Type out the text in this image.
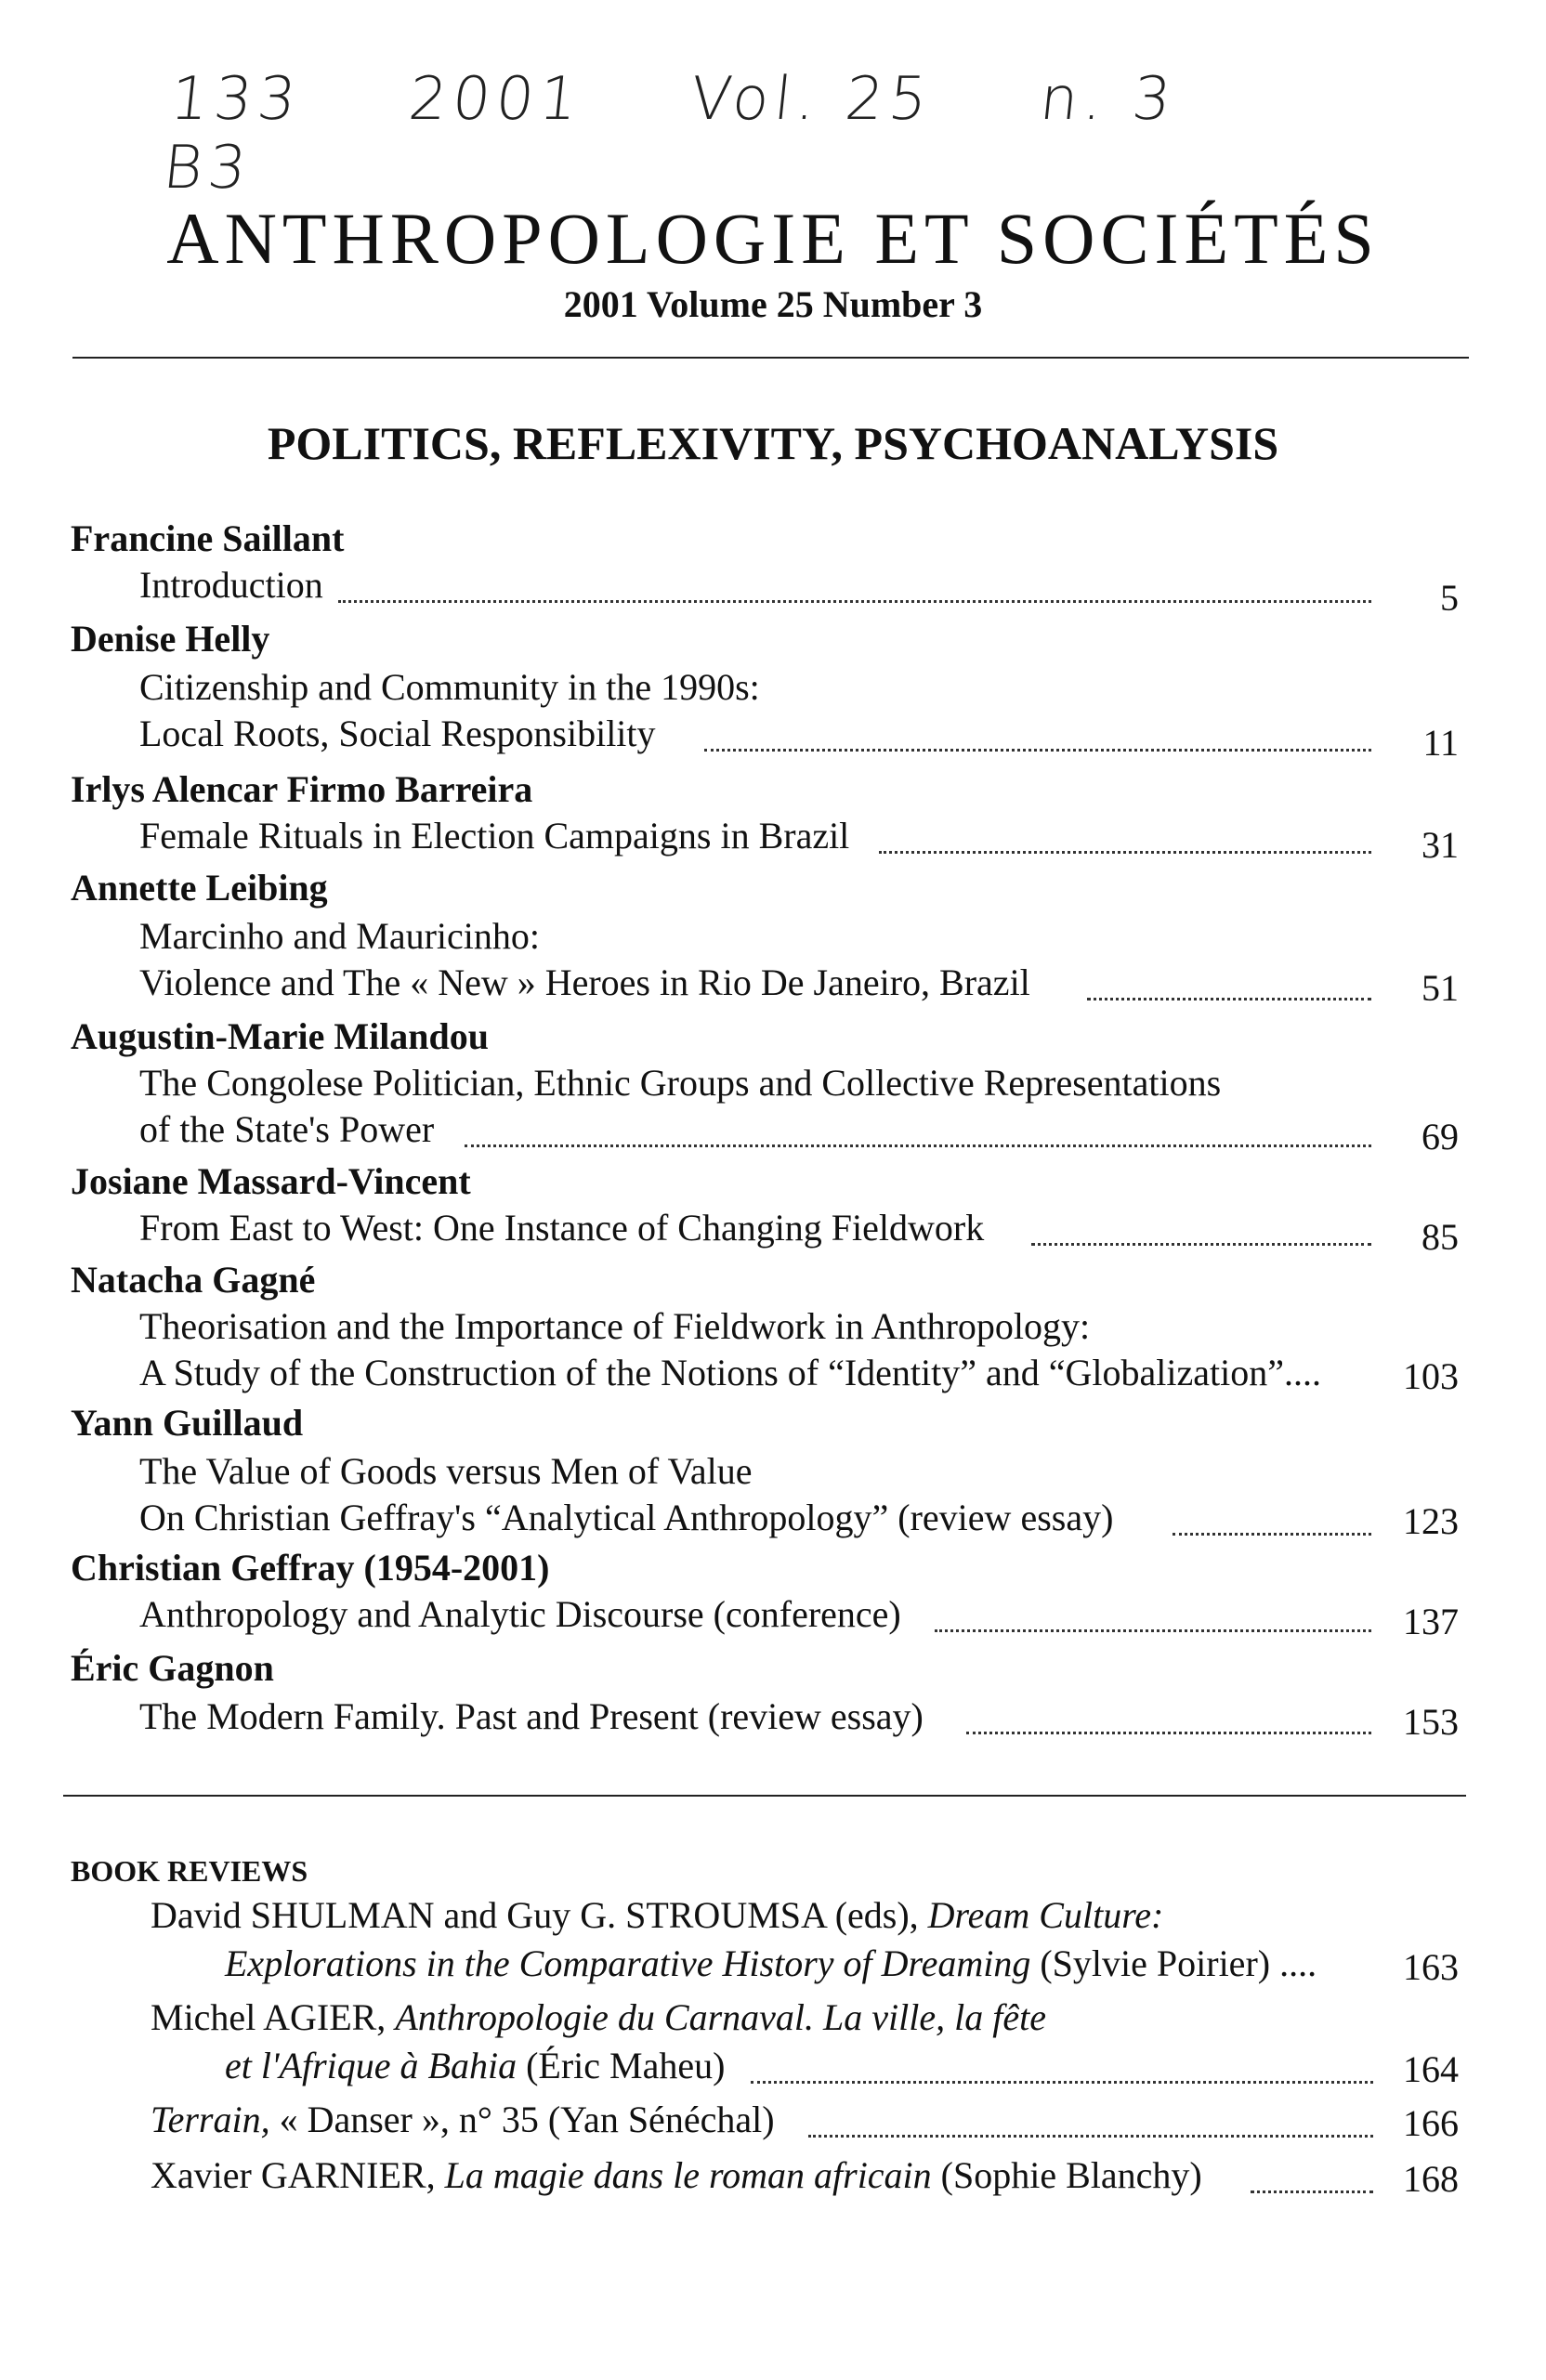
133 2001 Vol. 25 n. 3 B3
ANTHROPOLOGIE ET SOCIÉTÉS
2001 Volume 25 Number 3
POLITICS, REFLEXIVITY, PSYCHOANALYSIS
Francine Saillant
Introduction	5
Denise Helly
Citizenship and Community in the 1990s:
Local Roots, Social Responsibility	11
Irlys Alencar Firmo Barreira
Female Rituals in Election Campaigns in Brazil	31
Annette Leibing
Marcinho and Mauricinho:
Violence and The « New » Heroes in Rio De Janeiro, Brazil	51
Augustin-Marie Milandou
The Congolese Politician, Ethnic Groups and Collective Representations
of the State's Power	69
Josiane Massard-Vincent
From East to West: One Instance of Changing Fieldwork	85
Natacha Gagné
Theorisation and the Importance of Fieldwork in Anthropology:
A Study of the Construction of the Notions of “Identity” and “Globalization”.... 103
Yann Guillaud
The Value of Goods versus Men of Value
On Christian Geffray's “Analytical Anthropology” (review essay)	123
Christian Geffray (1954-2001)
Anthropology and Analytic Discourse (conference)	137
Éric Gagnon
The Modern Family. Past and Present (review essay)	153
BOOK REVIEWS
David SHULMAN and Guy G. STROUMSA (eds), Dream Culture:
Explorations in the Comparative History of Dreaming (Sylvie Poirier) .... 163
Michel AGIER, Anthropologie du Carnaval. La ville, la fête
et l'Afrique à Bahia (Éric Maheu)	164
Terrain, « Danser », n° 35 (Yan Sénéchal)	166
Xavier GARNIER, La magie dans le roman africain (Sophie Blanchy)	168
